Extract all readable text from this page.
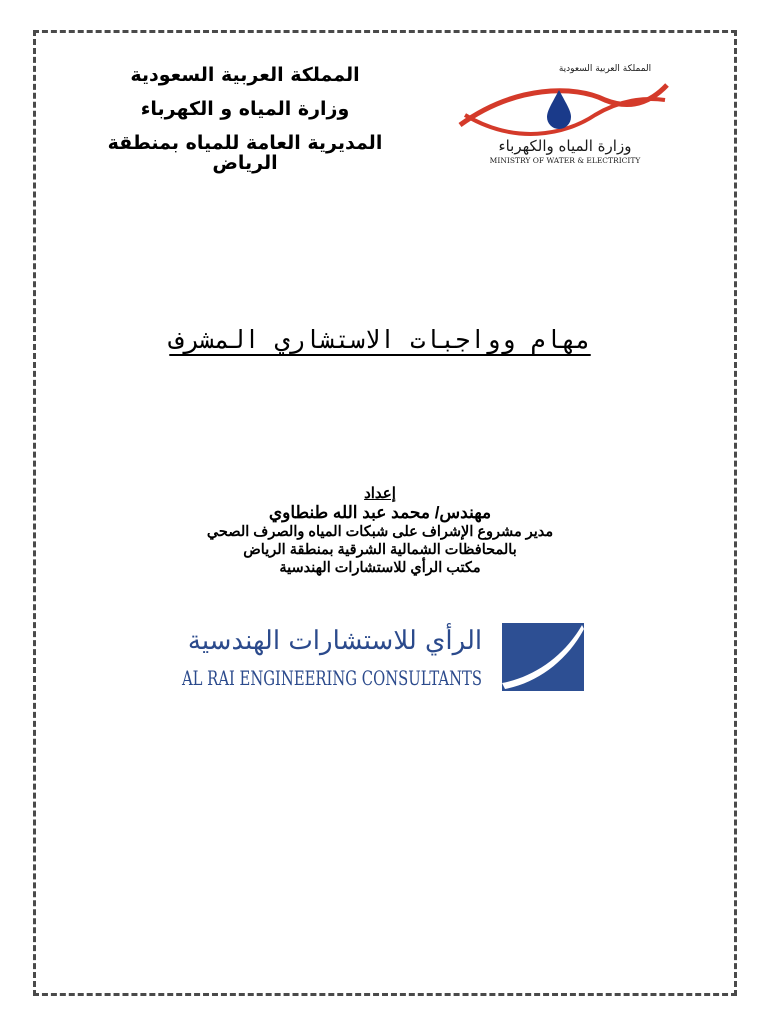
المملكة العربية السعودية
وزارة المياه و الكهرباء
المديرية العامة للمياه بمنطقة الرياض
المملكة العربية السعودية
وزارة المياه والكهرباء
MINISTRY OF WATER & ELECTRICITY
مهام وواجبات الاستشاري المشرف
إعداد
مهندس/ محمد عبد الله طنطاوي
مدير مشروع الإشراف على شبكات المياه والصرف الصحي
بالمحافظات الشمالية الشرقية بمنطقة الرياض
مكتب الرأي للاستشارات الهندسية
الرأي للاستشارات الهندسية
AL RAI ENGINEERING CONSULTANTS
